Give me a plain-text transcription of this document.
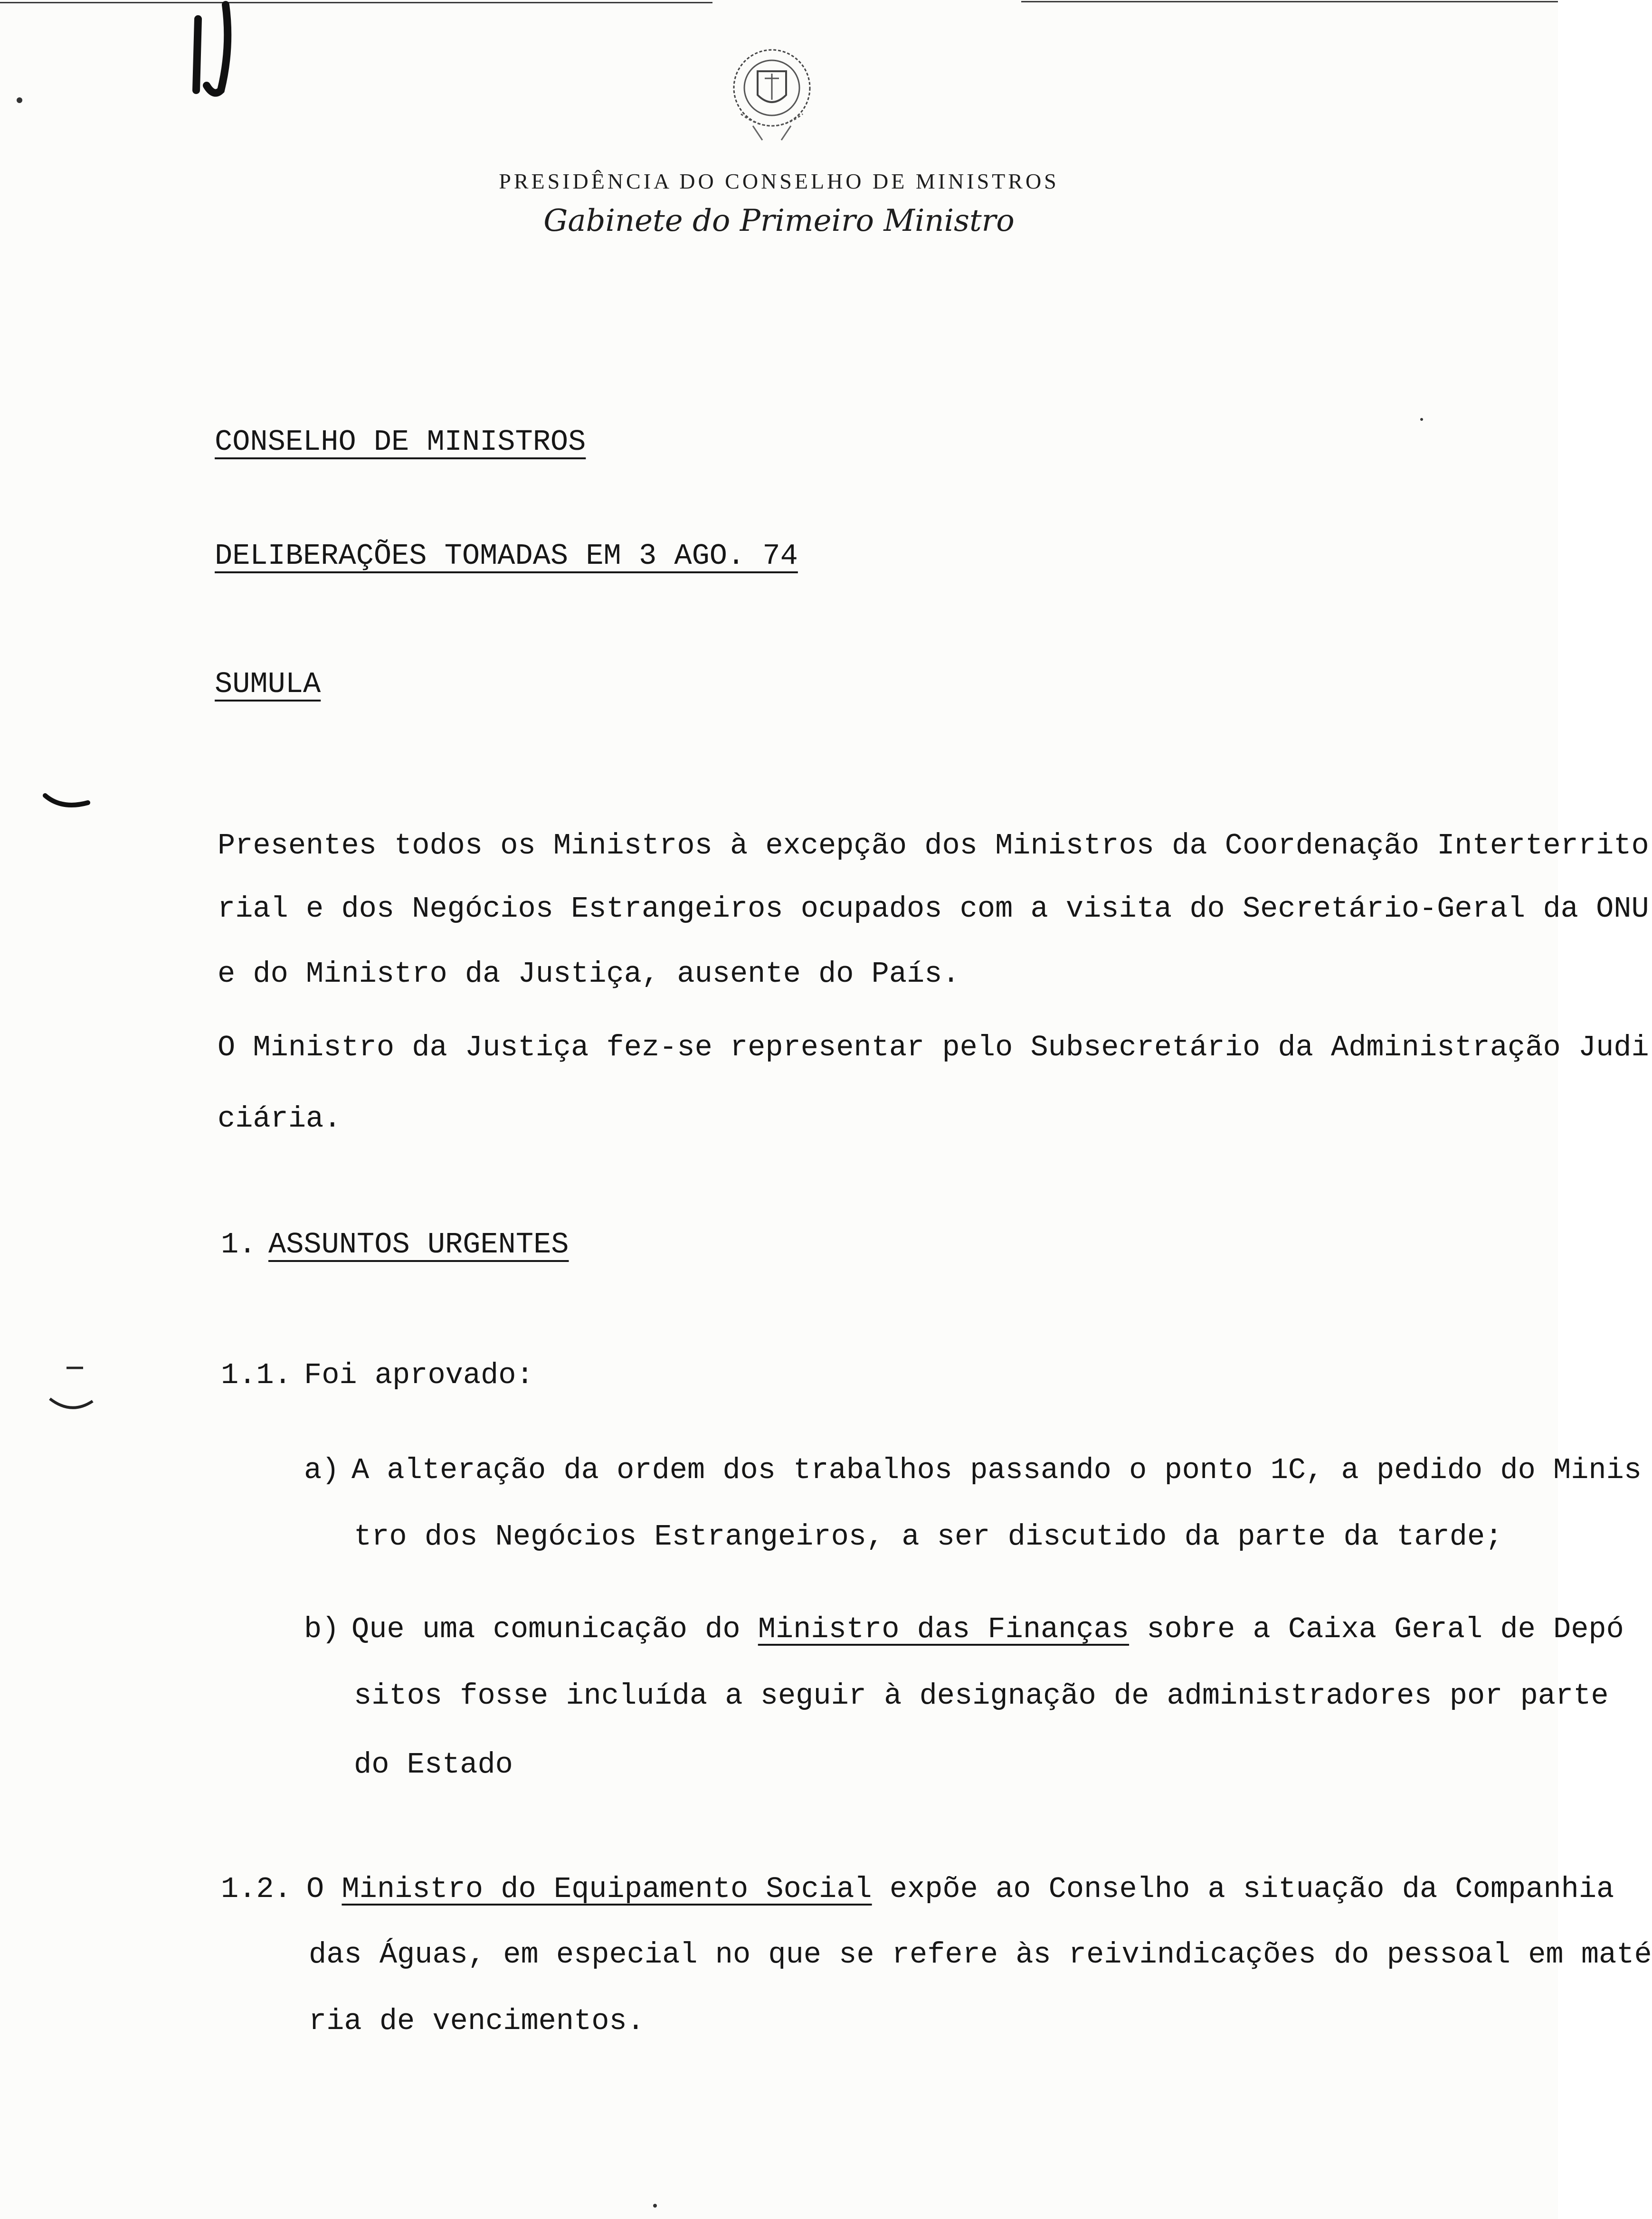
PRESIDÊNCIA DO CONSELHO DE MINISTROS
Gabinete do Primeiro Ministro
CONSELHO DE MINISTROS
DELIBERAÇÕES TOMADAS EM 3 AGO. 74
SUMULA
Presentes todos os Ministros à excepção dos Ministros da Coordenação Interterrito
rial e dos Negócios Estrangeiros ocupados com a visita do Secretário-Geral da ONU
e do Ministro da Justiça, ausente do País.
O Ministro da Justiça fez-se representar pelo Subsecretário da Administração Judi
ciária.
1. ASSUNTOS URGENTES
1.1. Foi aprovado:
a) A alteração da ordem dos trabalhos passando o ponto 1C, a pedido do Minis
tro dos Negócios Estrangeiros, a ser discutido da parte da tarde;
b) Que uma comunicação do Ministro das Finanças sobre a Caixa Geral de Depó
sitos fosse incluída a seguir à designação de administradores por parte
do Estado
1.2. O Ministro do Equipamento Social expõe ao Conselho a situação da Companhia
das Águas, em especial no que se refere às reivindicações do pessoal em maté
ria de vencimentos.
